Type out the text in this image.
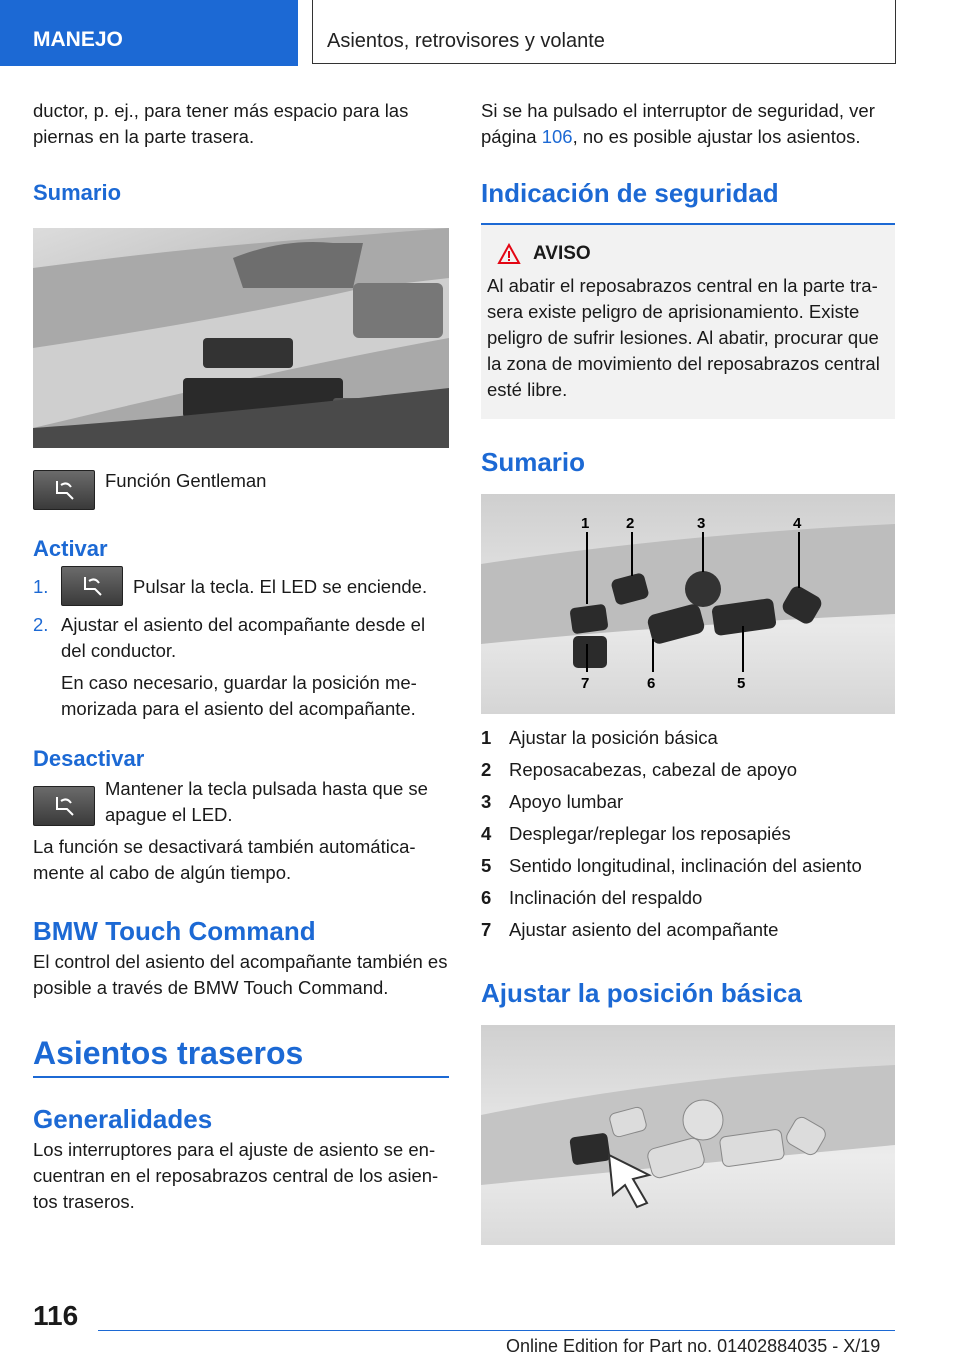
MANEJO	Asientos, retrovisores y volante

ductor, p. ej., para tener más espacio para las piernas en la parte trasera.

Sumario

Función Gentleman

Activar
1.	Pulsar la tecla. El LED se enciende.
2. Ajustar el asiento del acompañante desde el del conductor.

En caso necesario, guardar la posición me‐morizada para el asiento del acompañante.

Desactivar

Mantener la tecla pulsada hasta que se apague el LED.

La función se desactivará también automática‐mente al cabo de algún tiempo.

BMW Touch Command

El control del asiento del acompañante también es posible a través de BMW Touch Command.

Asientos traseros
Generalidades

Los interruptores para el ajuste de asiento se en‐cuentran en el reposabrazos central de los asien‐tos traseros.

Si se ha pulsado el interruptor de seguridad, ver página 106, no es posible ajustar los asientos.

Indicación de seguridad
AVISO

Al abatir el reposabrazos central en la parte tra‐sera existe peligro de aprisionamiento. Existe peligro de sufrir lesiones. Al abatir, procurar que la zona de movimiento del reposabrazos central esté libre.

Sumario
1 2	3	4
7	6	5
1 Ajustar la posición básica
2 Reposacabezas, cabezal de apoyo
3 Apoyo lumbar
4 Desplegar/replegar los reposapiés
5 Sentido longitudinal, inclinación del asiento
6 Inclinación del respaldo
7 Ajustar asiento del acompañante
Ajustar la posición básica
116
Online Edition for Part no. 01402884035 - X/19
